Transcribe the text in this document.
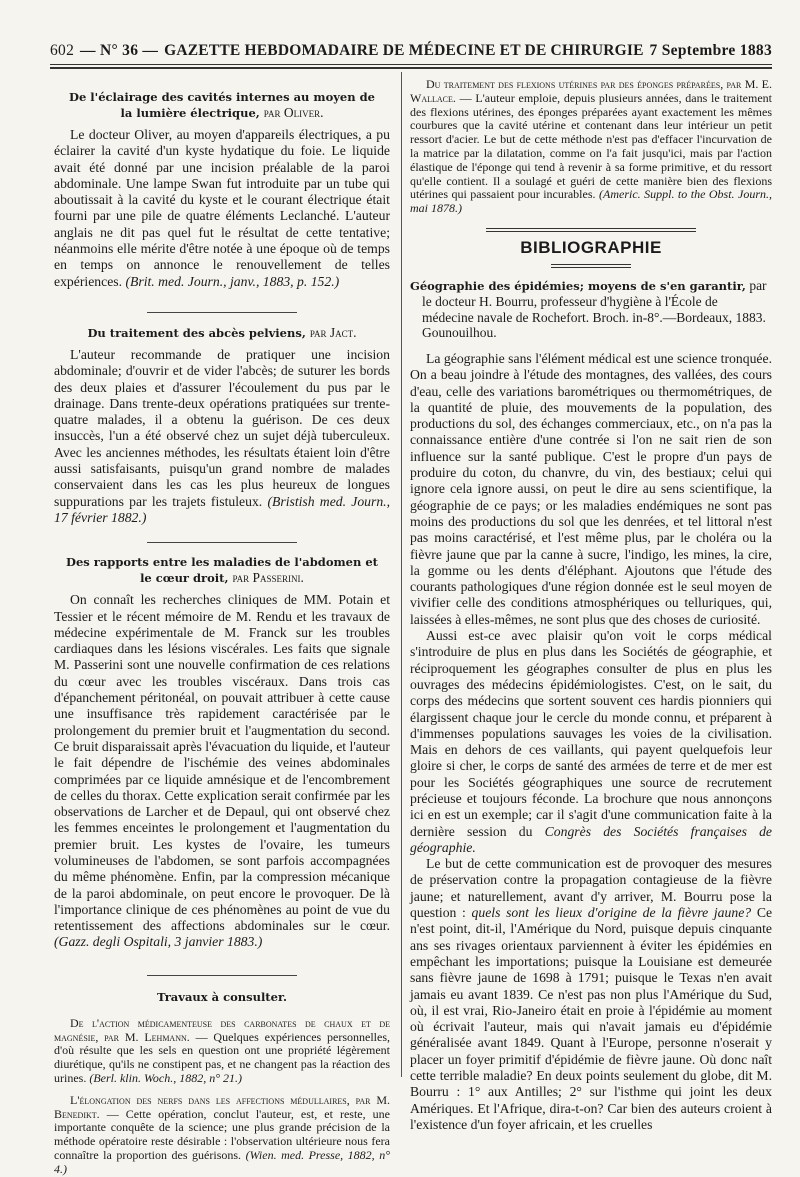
602 — N° 36 — GAZETTE HEBDOMADAIRE DE MÉDECINE ET DE CHIRURGIE 7 Septembre 1883
De l'éclairage des cavités internes au moyen de la lumière électrique, par Oliver.

Le docteur Oliver, au moyen d'appareils électriques, a pu éclairer la cavité d'un kyste hydatique du foie. Le liquide avait été donné par une incision préalable de la paroi abdominale. Une lampe Swan fut introduite par un tube qui aboutissait à la cavité du kyste et le courant électrique était fourni par une pile de quatre éléments Leclanché. L'auteur anglais ne dit pas quel fut le résultat de cette tentative; néanmoins elle mérite d'être notée à une époque où de temps en temps on annonce le renouvellement de telles expériences. (Brit. med. Journ., janv., 1883, p. 152.)

Du traitement des abcès pelviens, par Jact.

L'auteur recommande de pratiquer une incision abdominale; d'ouvrir et de vider l'abcès; de suturer les bords des deux plaies et d'assurer l'écoulement du pus par le drainage. Dans trente-deux opérations pratiquées sur trente-quatre malades, il a obtenu la guérison. De ces deux insuccès, l'un a été observé chez un sujet déjà tuberculeux. Avec les anciennes méthodes, les résultats étaient loin d'être aussi satisfaisants, puisqu'un grand nombre de malades conservaient dans les cas les plus heureux de longues suppurations par les trajets fistuleux. (Bristish med. Journ., 17 février 1882.)

Des rapports entre les maladies de l'abdomen et le cœur droit, par Passerini.

On connaît les recherches cliniques de MM. Potain et Tessier et le récent mémoire de M. Rendu et les travaux de médecine expérimentale de M. Franck sur les troubles cardiaques dans les lésions viscérales. Les faits que signale M. Passerini sont une nouvelle confirmation de ces relations du cœur avec les troubles viscéraux. Dans trois cas d'épanchement péritonéal, on pouvait attribuer à cette cause une insuffisance très rapidement caractérisée par le prolongement du premier bruit et l'augmentation du second. Ce bruit disparaissait après l'évacuation du liquide, et l'auteur le fait dépendre de l'ischémie des veines abdominales comprimées par ce liquide amnésique et de l'encombrement de celles du thorax. Cette explication serait confirmée par les observations de Larcher et de Depaul, qui ont observé chez les femmes enceintes le prolongement et l'augmentation du premier bruit. Les kystes de l'ovaire, les tumeurs volumineuses de l'abdomen, se sont parfois accompagnées du même phénomène. Enfin, par la compression mécanique de la paroi abdominale, on peut encore le provoquer. De là l'importance clinique de ces phénomènes au point de vue du retentissement des affections abdominales sur le cœur. (Gazz. degli Ospitali, 3 janvier 1883.)

Travaux à consulter.

De l'action médicamenteuse des carbonates de chaux et de magnésie, par M. Lehmann. — Quelques expériences personnelles, d'où résulte que les sels en question ont une propriété légèrement diurétique, qu'ils ne constipent pas, et ne changent pas la réaction des urines. (Berl. klin. Woch., 1882, n° 21.)

L'élongation des nerfs dans les affections médullaires, par M. Benedikt. — Cette opération, conclut l'auteur, est, et reste, une importante conquête de la science; une plus grande précision de la méthode opératoire reste désirable : l'observation ultérieure nous fera connaître la proportion des guérisons. (Wien. med. Presse, 1882, n° 4.)

Du traitement des flexions utérines par des éponges préparées, par M. E. Wallace. — L'auteur emploie, depuis plusieurs années, dans le traitement des flexions utérines, des éponges préparées ayant exactement les mêmes courbures que la cavité utérine et contenant dans leur intérieur un petit ressort d'acier. Le but de cette méthode n'est pas d'effacer l'incurvation de la matrice par la dilatation, comme on l'a fait jusqu'ici, mais par l'action élastique de l'éponge qui tend à revenir à sa forme primitive, et du ressort qu'elle contient. Il a soulagé et guéri de cette manière bien des flexions utérines qui passaient pour incurables. (Americ. Suppl. to the Obst. Journ., mai 1878.)

BIBLIOGRAPHIE

Géographie des épidémies; moyens de s'en garantir, par le docteur H. Bourru, professeur d'hygiène à l'École de médecine navale de Rochefort. Broch. in-8°.—Bordeaux, 1883. Gounouilhou.

La géographie sans l'élément médical est une science tronquée. On a beau joindre à l'étude des montagnes, des vallées, des cours d'eau, celle des variations barométriques ou thermométriques, de la quantité de pluie, des mouvements de la population, des productions du sol, des échanges commerciaux, etc., on n'a pas la connaissance entière d'une contrée si l'on ne sait rien de son influence sur la santé publique. C'est le propre d'un pays de produire du coton, du chanvre, du vin, des bestiaux; celui qui ignore cela ignore aussi, on peut le dire au sens scientifique, la géographie de ce pays; or les maladies endémiques ne sont pas moins des productions du sol que les denrées, et tel littoral n'est pas moins caractérisé, et l'est même plus, par le choléra ou la fièvre jaune que par la canne à sucre, l'indigo, les mines, la cire, la gomme ou les dents d'éléphant. Ajoutons que l'étude des courants pathologiques d'une région donnée est le seul moyen de vivifier celle des conditions atmosphériques ou telluriques, qui, laissées à elles-mêmes, ne sont plus que des choses de curiosité.

Aussi est-ce avec plaisir qu'on voit le corps médical s'introduire de plus en plus dans les Sociétés de géographie, et réciproquement les géographes consulter de plus en plus les ouvrages des médecins épidémiologistes. C'est, on le sait, du corps des médecins que sortent souvent ces hardis pionniers qui élargissent chaque jour le cercle du monde connu, et préparent à d'immenses populations sauvages les voies de la civilisation. Mais en dehors de ces vaillants, qui payent quelquefois leur gloire si cher, le corps de santé des armées de terre et de mer est pour les Sociétés géographiques une source de recrutement précieuse et toujours féconde. La brochure que nous annonçons ici en est un exemple; car il s'agit d'une communication faite à la dernière session du Congrès des Sociétés françaises de géographie.

Le but de cette communication est de provoquer des mesures de préservation contre la propagation contagieuse de la fièvre jaune; et naturellement, avant d'y arriver, M. Bourru pose la question : quels sont les lieux d'origine de la fièvre jaune? Ce n'est point, dit-il, l'Amérique du Nord, puisque depuis cinquante ans ses rivages orientaux parviennent à éviter les épidémies en empêchant les importations; puisque la Louisiane est demeurée sans fièvre jaune de 1698 à 1791; puisque le Texas n'en avait jamais eu avant 1839. Ce n'est pas non plus l'Amérique du Sud, où, il est vrai, Rio-Janeiro était en proie à l'épidémie au moment où écrivait l'auteur, mais qui n'avait jamais eu d'épidémie généralisée avant 1849. Quant à l'Europe, personne n'oserait y placer un foyer primitif d'épidémie de fièvre jaune. Où donc naît cette terrible maladie? En deux points seulement du globe, dit M. Bourru : 1° aux Antilles; 2° sur l'isthme qui joint les deux Amériques. Et l'Afrique, dira-t-on? Car bien des auteurs croient à l'existence d'un foyer africain, et les cruelles
